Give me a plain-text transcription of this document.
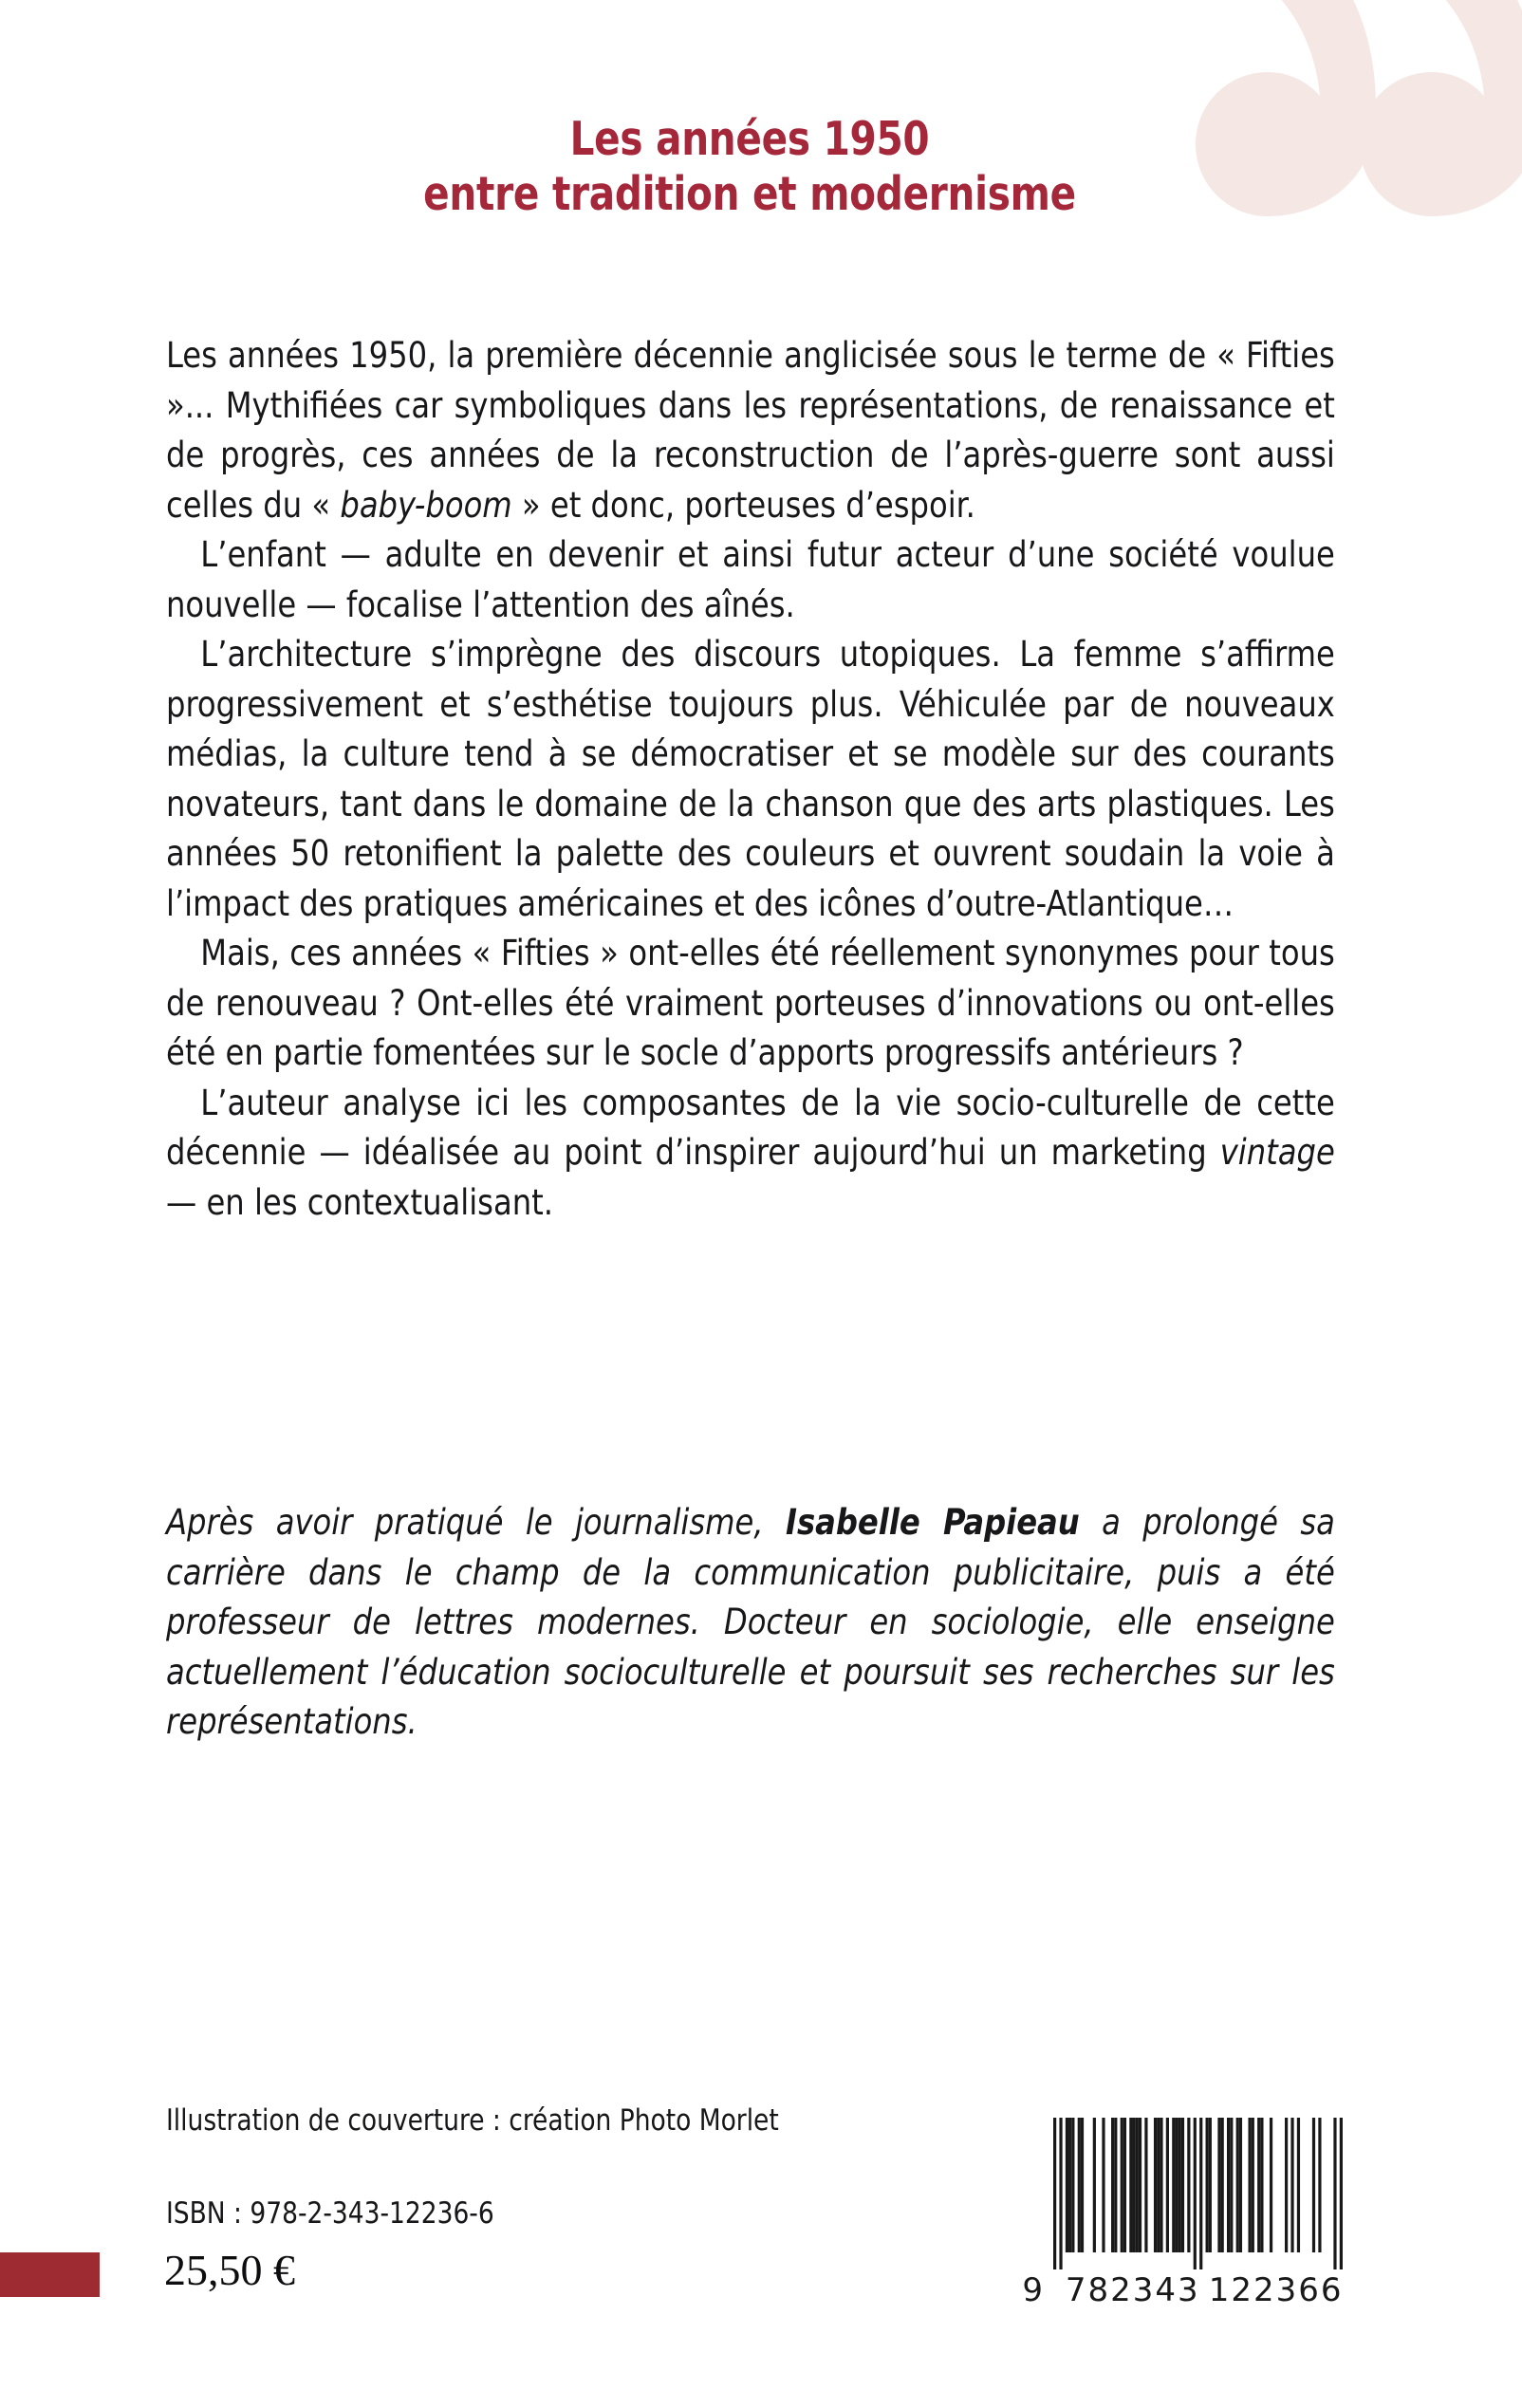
Les années 1950
entre tradition et modernisme

Les années 1950, la première décennie anglicisée sous le terme de « Fifties »... Mythifiées car symboliques dans les représentations, de renaissance et de progrès, ces années de la reconstruction de l’après-guerre sont aussi celles du « baby-boom » et donc, porteuses d’espoir.

L’enfant — adulte en devenir et ainsi futur acteur d’une société voulue nouvelle — focalise l’attention des aînés.

L’architecture s’imprègne des discours utopiques. La femme s’affirme progressivement et s’esthétise toujours plus. Véhiculée par de nouveaux médias, la culture tend à se démocratiser et se modèle sur des courants novateurs, tant dans le domaine de la chanson que des arts plastiques. Les années 50 retonifient la palette des couleurs et ouvrent soudain la voie à l’impact des pratiques américaines et des icônes d’outre-Atlantique…

Mais, ces années « Fifties » ont-elles été réellement synonymes pour tous de renouveau ? Ont-elles été vraiment porteuses d’innovations ou ont-elles été en partie fomentées sur le socle d’apports progressifs antérieurs ?

L’auteur analyse ici les composantes de la vie socio-culturelle de cette décennie — idéalisée au point d’inspirer aujourd’hui un marketing vintage — en les contextualisant.

Après avoir pratiqué le journalisme, Isabelle Papieau a prolongé sa carrière dans le champ de la communication publicitaire, puis a été professeur de lettres modernes. Docteur en sociologie, elle enseigne actuellement l’éducation socioculturelle et poursuit ses recherches sur les représentations.

Illustration de couverture : création Photo Morlet
ISBN : 978-2-343-12236-6
25,50 €	9 782343 122366
